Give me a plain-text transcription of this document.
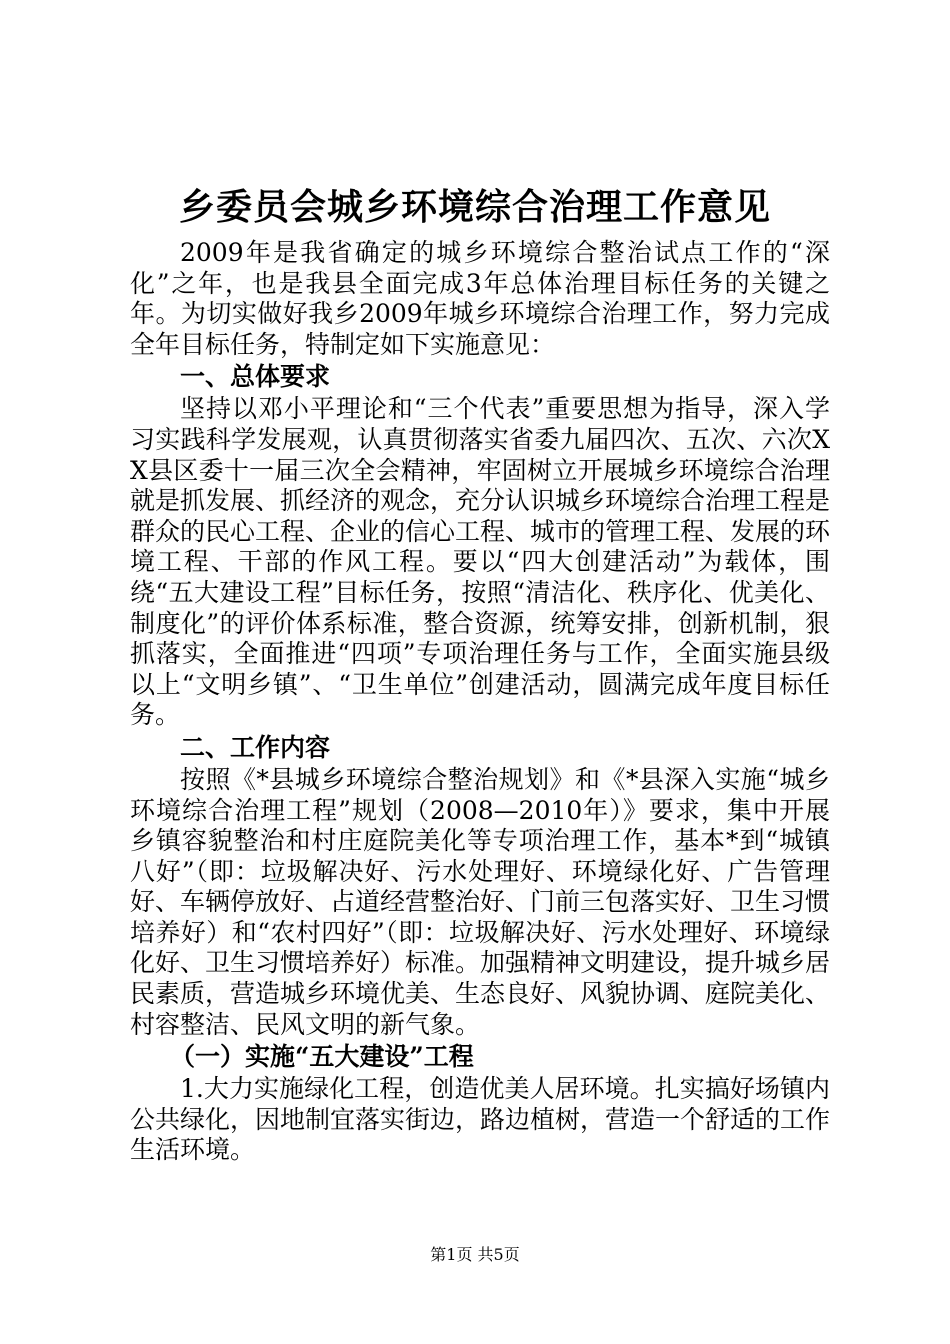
乡委员会城乡环境综合治理工作意见

2009年是我省确定的城乡环境综合整治试点工作的“深化”之年，也是我县全面完成3年总体治理目标任务的关键之年。为切实做好我乡2009年城乡环境综合治理工作，努力完成全年目标任务，特制定如下实施意见：

一、总体要求

坚持以邓小平理论和“三个代表”重要思想为指导，深入学习实践科学发展观，认真贯彻落实省委九届四次、五次、六次XX县区委十一届三次全会精神，牢固树立开展城乡环境综合治理就是抓发展、抓经济的观念，充分认识城乡环境综合治理工程是群众的民心工程、企业的信心工程、城市的管理工程、发展的环境工程、干部的作风工程。要以“四大创建活动”为载体，围绕“五大建设工程”目标任务，按照“清洁化、秩序化、优美化、制度化”的评价体系标准，整合资源，统筹安排，创新机制，狠抓落实，全面推进“四项”专项治理任务与工作，全面实施县级以上“文明乡镇”、“卫生单位”创建活动，圆满完成年度目标任务。

二、工作内容

按照《*县城乡环境综合整治规划》和《*县深入实施“城乡环境综合治理工程”规划（2008—2010年）》要求，集中开展乡镇容貌整治和村庄庭院美化等专项治理工作，基本*到“城镇八好”（即：垃圾解决好、污水处理好、环境绿化好、广告管理好、车辆停放好、占道经营整治好、门前三包落实好、卫生习惯培养好）和“农村四好”（即：垃圾解决好、污水处理好、环境绿化好、卫生习惯培养好）标准。加强精神文明建设，提升城乡居民素质，营造城乡环境优美、生态良好、风貌协调、庭院美化、村容整洁、民风文明的新气象。

（一）实施“五大建设”工程

1.大力实施绿化工程，创造优美人居环境。扎实搞好场镇内公共绿化，因地制宜落实街边，路边植树，营造一个舒适的工作生活环境。

第1页 共5页
